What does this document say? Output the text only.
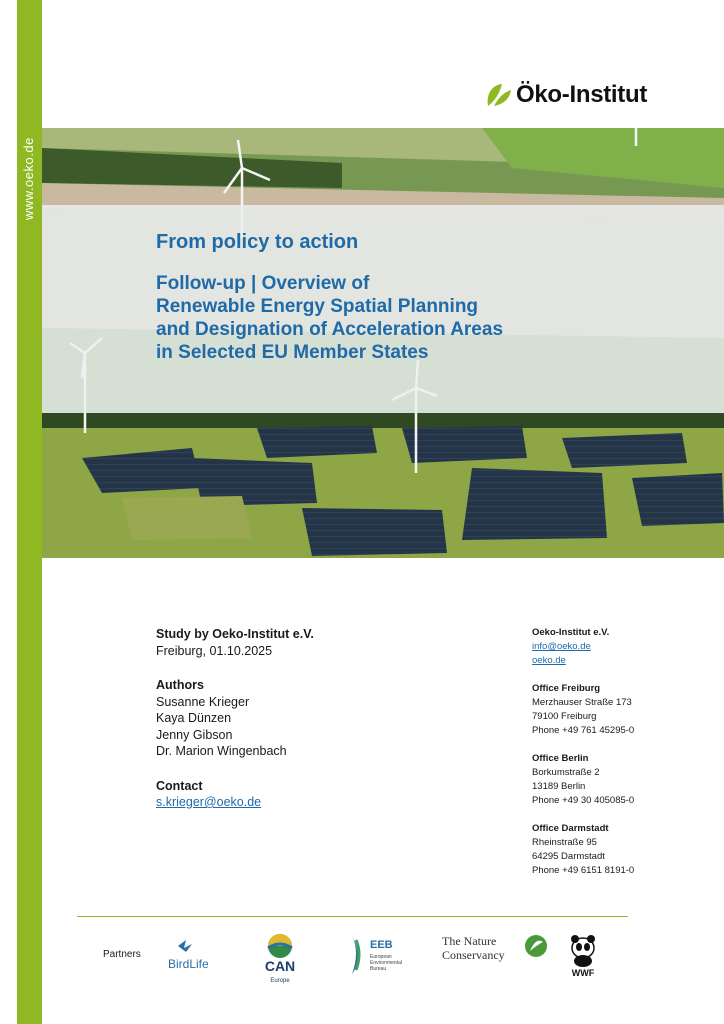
www.oeko.de
Öko-Institut
From policy to action
Follow-up | Overview of
Renewable Energy Spatial Planning
and Designation of Acceleration Areas
in Selected EU Member States
Study by Oeko-Institut e.V.
Freiburg, 01.10.2025
Authors
Susanne Krieger
Kaya Dünzen
Jenny Gibson
Dr. Marion Wingenbach
Contact
s.krieger@oeko.de
Oeko-Institut e.V.
info@oeko.de
oeko.de
Office Freiburg
Merzhauser Straße 173
79100 Freiburg
Phone +49 761 45295-0
Office Berlin
Borkumstraße 2
13189 Berlin
Phone +49 30 405085-0
Office Darmstadt
Rheinstraße 95
64295 Darmstadt
Phone +49 6151 8191-0
Partners
BirdLife	CAN
Europe
EEB
European
Environmental
Bureau
The Nature
Conservancy
WWF
